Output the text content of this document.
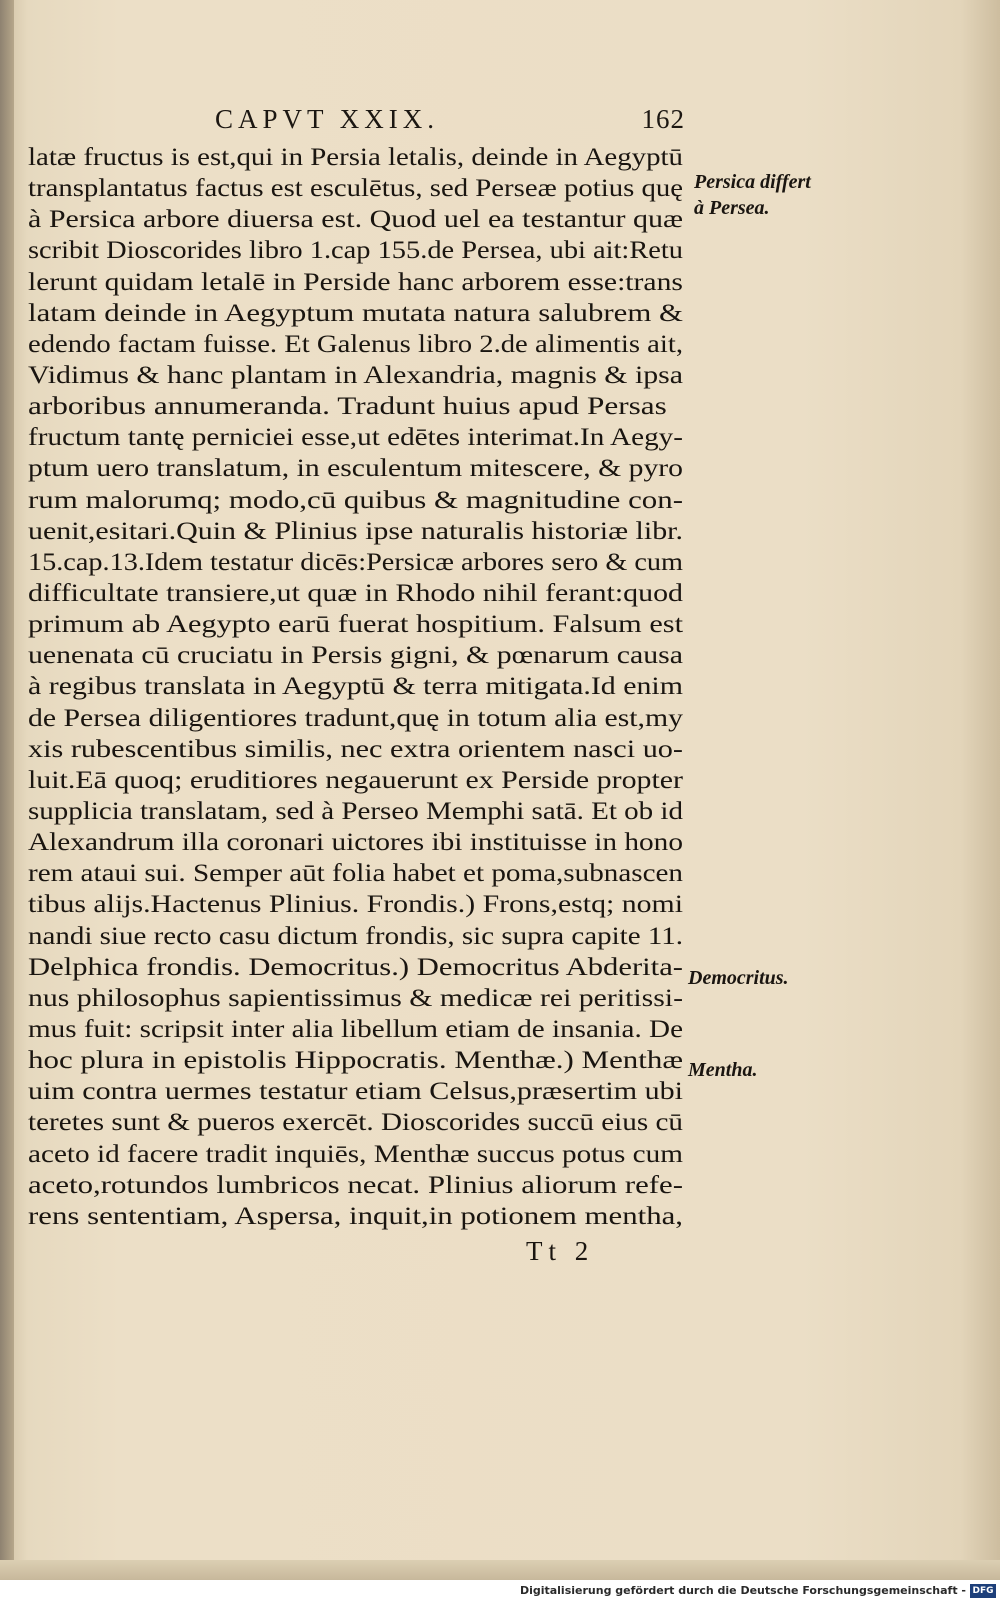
CAPVT XXIX.	162
latæ fructus is est,qui in Persia letalis, deinde in Aegyptū
transplantatus factus est esculētus, sed Perseæ potius quę
à Persica arbore diuersa est. Quod uel ea testantur quæ
scribit Dioscorides libro 1.cap 155.de Persea, ubi ait:Retu
lerunt quidam letalē in Perside hanc arborem esse:trans
latam deinde in Aegyptum mutata natura salubrem &
edendo factam fuisse. Et Galenus libro 2.de alimentis ait,
Vidimus & hanc plantam in Alexandria, magnis & ipsa
arboribus annumeranda. Tradunt huius apud Persas
fructum tantę perniciei esse,ut edētes interimat.In Aegy-
ptum uero translatum, in esculentum mitescere, & pyro
rum malorumq; modo,cū quibus & magnitudine con-
uenit,esitari.Quin & Plinius ipse naturalis historiæ libr.
15.cap.13.Idem testatur dicēs:Persicæ arbores sero & cum
difficultate transiere,ut quæ in Rhodo nihil ferant:quod
primum ab Aegypto earū fuerat hospitium. Falsum est
uenenata cū cruciatu in Persis gigni, & pœnarum causa
à regibus translata in Aegyptū & terra mitigata.Id enim
de Persea diligentiores tradunt,quę in totum alia est,my
xis rubescentibus similis, nec extra orientem nasci uo-
luit.Eā quoq; eruditiores negauerunt ex Perside propter
supplicia translatam, sed à Perseo Memphi satā. Et ob id
Alexandrum illa coronari uictores ibi instituisse in hono
rem ataui sui. Semper aūt folia habet et poma,subnascen
tibus alijs.Hactenus Plinius. Frondis.) Frons,estq; nomi
nandi siue recto casu dictum frondis, sic supra capite 11.
Delphica frondis. Democritus.) Democritus Abderita-
nus philosophus sapientissimus & medicæ rei peritissi-
mus fuit: scripsit inter alia libellum etiam de insania. De
hoc plura in epistolis Hippocratis. Menthæ.) Menthæ
uim contra uermes testatur etiam Celsus,præsertim ubi
teretes sunt & pueros exercēt. Dioscorides succū eius cū
aceto id facere tradit inquiēs, Menthæ succus potus cum
aceto,rotundos lumbricos necat. Plinius aliorum refe-
rens sententiam, Aspersa, inquit,in potionem mentha,
Persica differt
à Persea.
Democritus.
Mentha.
Tt 2
Digitalisierung gefördert durch die Deutsche Forschungsgemeinschaft - DFG
